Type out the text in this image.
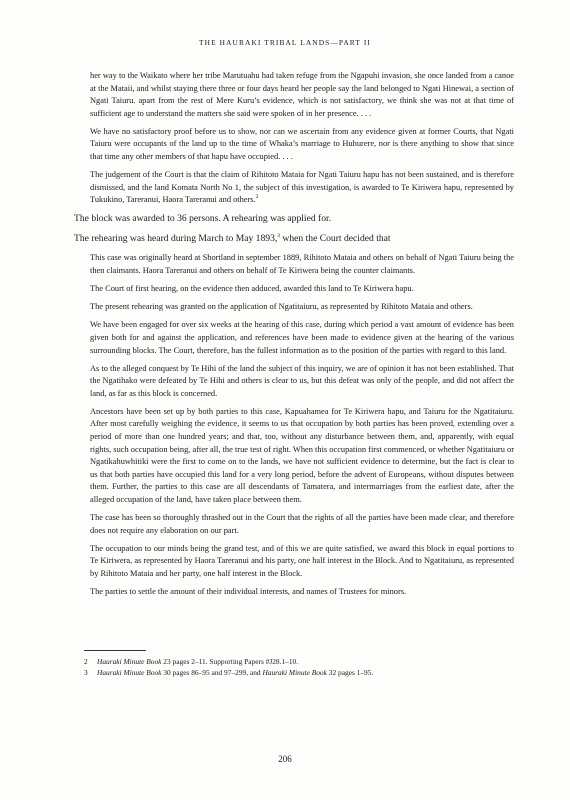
THE HAURAKI TRIBAL LANDS—PART II

her way to the Waikato where her tribe Marutuahu had taken refuge from the Ngapuhi invasion, she once landed from a canoe at the Mataii, and whilst staying there three or four days heard her people say the land belonged to Ngati Hinewai, a section of Ngati Taiuru. apart from the rest of Mere Kuru’s evidence, which is not satisfactory, we think she was not at that time of sufficient age to understand the matters she said were spoken of in her presence. . . .

We have no satisfactory proof before us to show, nor can we ascertain from any evidence given at former Courts, that Ngati Taiuru were occupants of the land up to the time of Whaka’s marriage to Huhurere, nor is there anything to show that since that time any other members of that hapu have occupied. . . .

The judgement of the Court is that the claim of Rihitoto Mataia for Ngati Taiuru hapu has not been sustained, and is therefore dismissed, and the land Komata North No 1, the subject of this investigation, is awarded to Te Kiriwera hapu, represented by Tukukino, Tareranui, Haora Tareranui and others.$^2$

The block was awarded to 36 persons. A rehearing was applied for.

The rehearing was heard during March to May 1893,$^3$ when the Court decided that

This case was originally heard at Shortland in september 1889, Rihitoto Mataia and others on behalf of Ngati Taiuru being the then claimants. Haora Tareranui and others on behalf of Te Kiriwera being the counter claimants.

The Court of first hearing, on the evidence then adduced, awarded this land to Te Kiriwera hapu.

The present rehearing was granted on the application of Ngatitaiuru, as represented by Rihitoto Mataia and others.

We have been engaged for over six weeks at the hearing of this case, during which period a vast amount of evidence has been given both for and against the application, and references have been made to evidence given at the hearing of the various surrounding blocks. The Court, therefore, has the fullest information as to the position of the parties with regard to this land.

As to the alleged conquest by Te Hihi of the land the subject of this inquiry, we are of opinion it has not been established. That the Ngatihako were defeated by Te Hihi and others is clear to us, but this defeat was only of the people, and did not affect the land, as far as this block is concerned.

Ancestors have been set up by both parties to this case, Kapuahamea for Te Kiriwera hapu, and Taiuru for the Ngatitaiuru. After most carefully weighing the evidence, it seems to us that occupation by both parties has been proved, extending over a period of more than one hundred years; and that, too, without any disturbance between them, and, apparently, with equal rights, such occupation being, after all, the true test of right. When this occupation first commenced, or whether Ngatitaiuru or Ngatikahuwhitiki were the first to come on to the lands, we have not sufficient evidence to determine, but the fact is clear to us that both parties have occupied this land for a very long period, before the advent of Europeans, without disputes between them. Further, the parties to this case are all descendants of Tamatera, and intermarriages from the earliest date, after the alleged occupation of the land, have taken place between them.

The case has been so thoroughly thrashed out in the Court that the rights of all the parties have been made clear, and therefore does not require any elaboration on our part.

The occupation to our minds being the grand test, and of this we are quite satisfied, we award this block in equal portions to Te Kiriwera, as represented by Haora Tareranui and his party, one half interest in the Block. And to Ngatitaiuru, as represented by Rihitoto Mataia and her party, one half interest in the Block.

The parties to settle the amount of their individual interests, and names of Trustees for minors.

2	Hauraki Minute Book 23 pages 2–11. Supporting Papers #J28.1–10.
3	Hauraki Minute Book 30 pages 86–95 and 97–299, and Hauraki Minute Book 32 pages 1–95.
206
